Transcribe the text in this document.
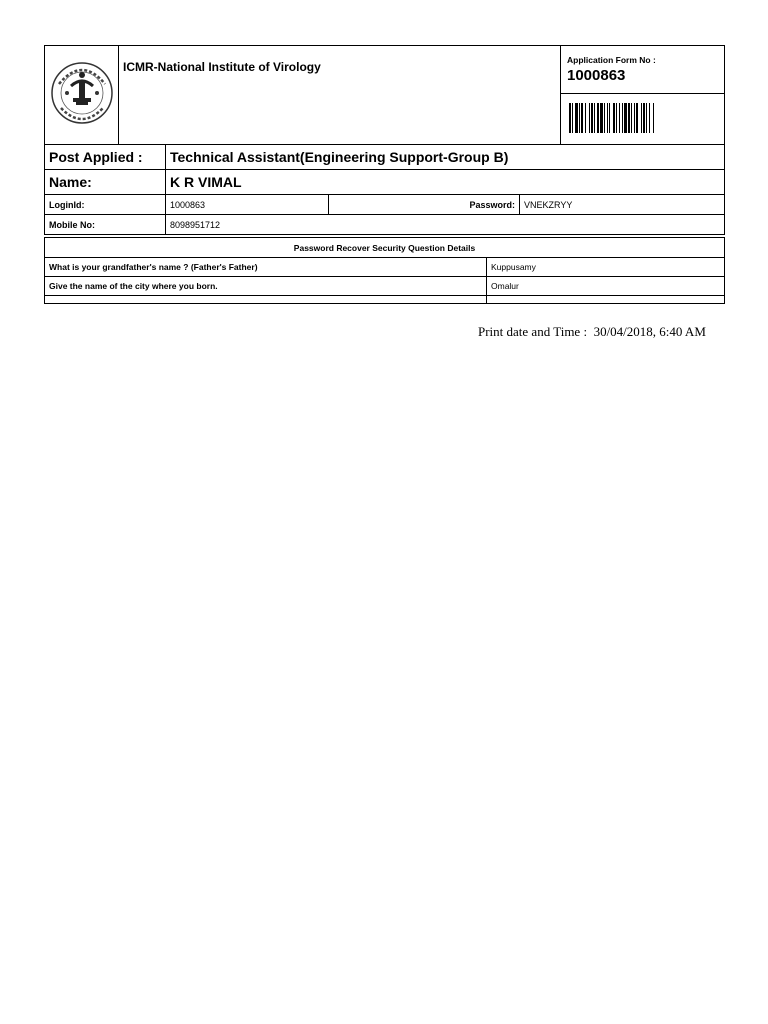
	ICMR-National Institute of Virology	
Application Form No :
1000863
Post Applied :	Technical Assistant(Engineering Support-Group B)		
Name:	K R VIMAL		
LoginId:	1000863	Password:	VNEKZRYY
Mobile No:	8098951712		
Password Recover Security Question Details	
What is your grandfather's name ? (Father's Father)	Kuppusamy
Give the name of the city where you born.	Omalur

Print date and Time : 30/04/2018, 6:40 AM
